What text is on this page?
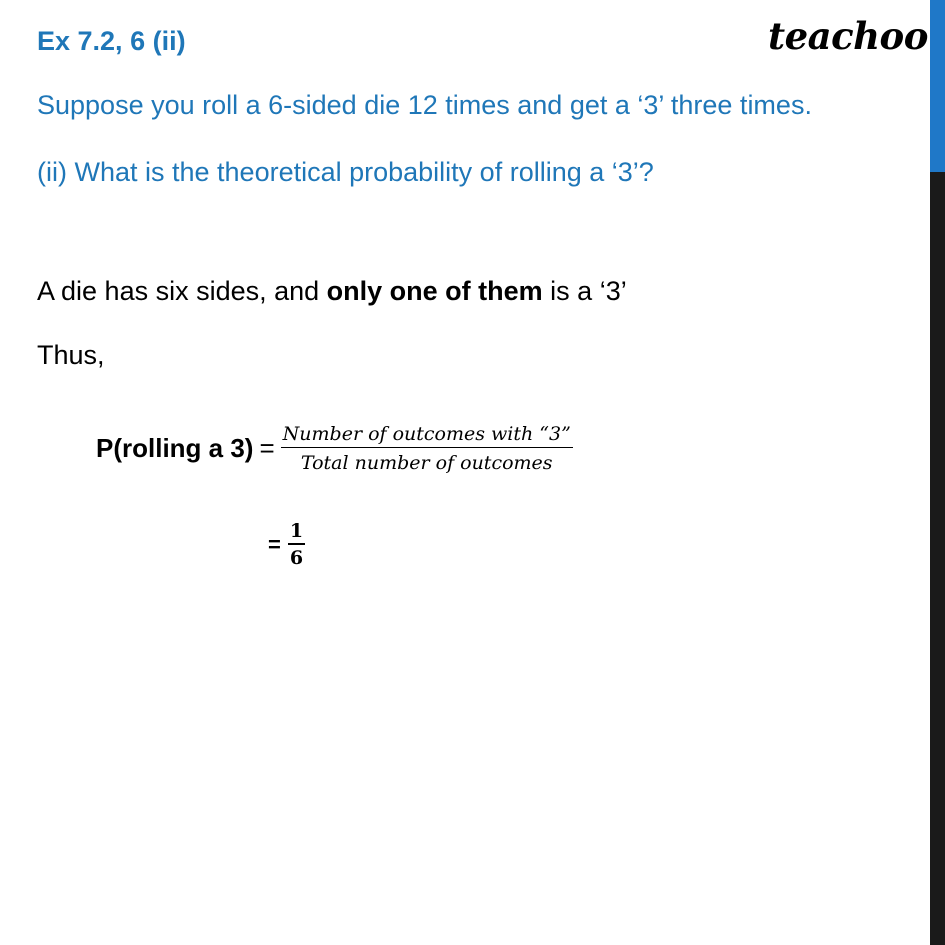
Ex 7.2, 6 (ii)	teachoo
Suppose you roll a 6-sided die 12 times and get a ‘3’ three times.
(ii) What is the theoretical probability of rolling a ‘3’?
A die has six sides, and only one of them is a ‘3’
Thus,
P(rolling a $3) = \frac{\text{Number of outcomes with “3”}}{\text{Total number of outcomes}}$
= $\frac{1}{6}$
